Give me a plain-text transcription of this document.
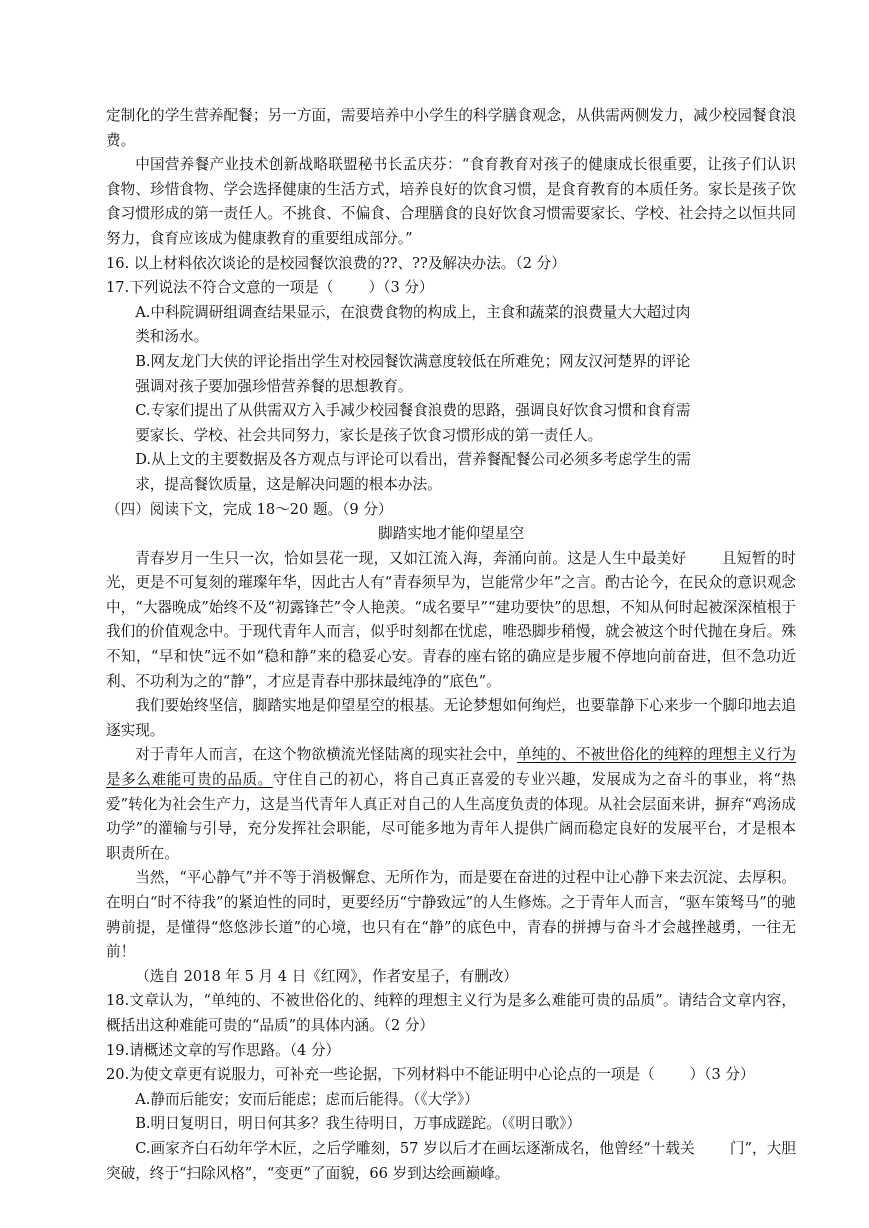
定制化的学生营养配餐；另一方面，需要培养中小学生的科学膳食观念，从供需两侧发力，减少校园餐食浪费。

中国营养餐产业技术创新战略联盟秘书长孟庆芬：“食育教育对孩子的健康成长很重要，让孩子们认识食物、珍惜食物、学会选择健康的生活方式，培养良好的饮食习惯，是食育教育的本质任务。家长是孩子饮食习惯形成的第一责任人。不挑食、不偏食、合理膳食的良好饮食习惯需要家长、学校、社会持之以恒共同努力，食育应该成为健康教育的重要组成部分。”

16. 以上材料依次谈论的是校园餐饮浪费的??、??及解决办法。（2 分）

17.下列说法不符合文意的一项是（ ）（3 分）

A.中科院调研组调查结果显示，在浪费食物的构成上，主食和蔬菜的浪费量大大超过肉
类和汤水。

B.网友龙门大侠的评论指出学生对校园餐饮满意度较低在所难免；网友汉河楚界的评论
强调对孩子要加强珍惜营养餐的思想教育。

C.专家们提出了从供需双方入手减少校园餐食浪费的思路，强调良好饮食习惯和食育需
要家长、学校、社会共同努力，家长是孩子饮食习惯形成的第一责任人。

D.从上文的主要数据及各方观点与评论可以看出，营养餐配餐公司必须多考虑学生的需
求，提高餐饮质量，这是解决问题的根本办法。

（四）阅读下文，完成 18～20 题。（9 分）

脚踏实地才能仰望星空

青春岁月一生只一次，恰如昙花一现，又如江流入海，奔涌向前。这是人生中最美好 且短暂的时光，更是不可复刻的璀璨年华，因此古人有“青春须早为，岂能常少年”之言。酌古论今，在民众的意识观念中，“大器晚成”始终不及“初露锋芒”令人艳羡。“成名要早”“建功要快”的思想，不知从何时起被深深植根于我们的价值观念中。于现代青年人而言，似乎时刻都在忧虑，唯恐脚步稍慢，就会被这个时代抛在身后。殊不知，“早和快”远不如“稳和静”来的稳妥心安。青春的座右铭的确应是步履不停地向前奋进，但不急功近利、不功利为之的“静”，才应是青春中那抹最纯净的“底色”。

我们要始终坚信，脚踏实地是仰望星空的根基。无论梦想如何绚烂，也要靠静下心来步一个脚印地去追逐实现。

对于青年人而言，在这个物欲横流光怪陆离的现实社会中，单纯的、不被世俗化的纯粹的理想主义行为是多么难能可贵的品质。守住自己的初心，将自己真正喜爱的专业兴趣，发展成为之奋斗的事业，将“热爱”转化为社会生产力，这是当代青年人真正对自己的人生高度负责的体现。从社会层面来讲，摒弃“鸡汤成功学”的灌输与引导，充分发挥社会职能，尽可能多地为青年人提供广阔而稳定良好的发展平台，才是根本职责所在。

当然，“平心静气”并不等于消极懈怠、无所作为，而是要在奋进的过程中让心静下来去沉淀、去厚积。在明白“时不待我”的紧迫性的同时，更要经历“宁静致远”的人生修炼。之于青年人而言，“驱车策驽马”的驰骋前提，是懂得“悠悠涉长道”的心境，也只有在“静”的底色中，青春的拼搏与奋斗才会越挫越勇，一往无前！

（选自 2018 年 5 月 4 日《红网》，作者安星子，有删改）

18.文章认为，“单纯的、不被世俗化的、纯粹的理想主义行为是多么难能可贵的品质”。请结合文章内容，概括出这种难能可贵的“品质”的具体内涵。（2 分）

19.请概述文章的写作思路。（4 分）

20.为使文章更有说服力，可补充一些论据，下列材料中不能证明中心论点的一项是（ ）（3 分）

A.静而后能安；安而后能虑；虑而后能得。（《大学》）

B.明日复明日，明日何其多？我生待明日，万事成蹉跎。（《明日歌》）

C.画家齐白石幼年学木匠，之后学雕刻，57 岁以后才在画坛逐渐成名，他曾经“十载关 门”，大胆突破，终于“扫除风格”，“变更”了面貌，66 岁到达绘画巅峰。
